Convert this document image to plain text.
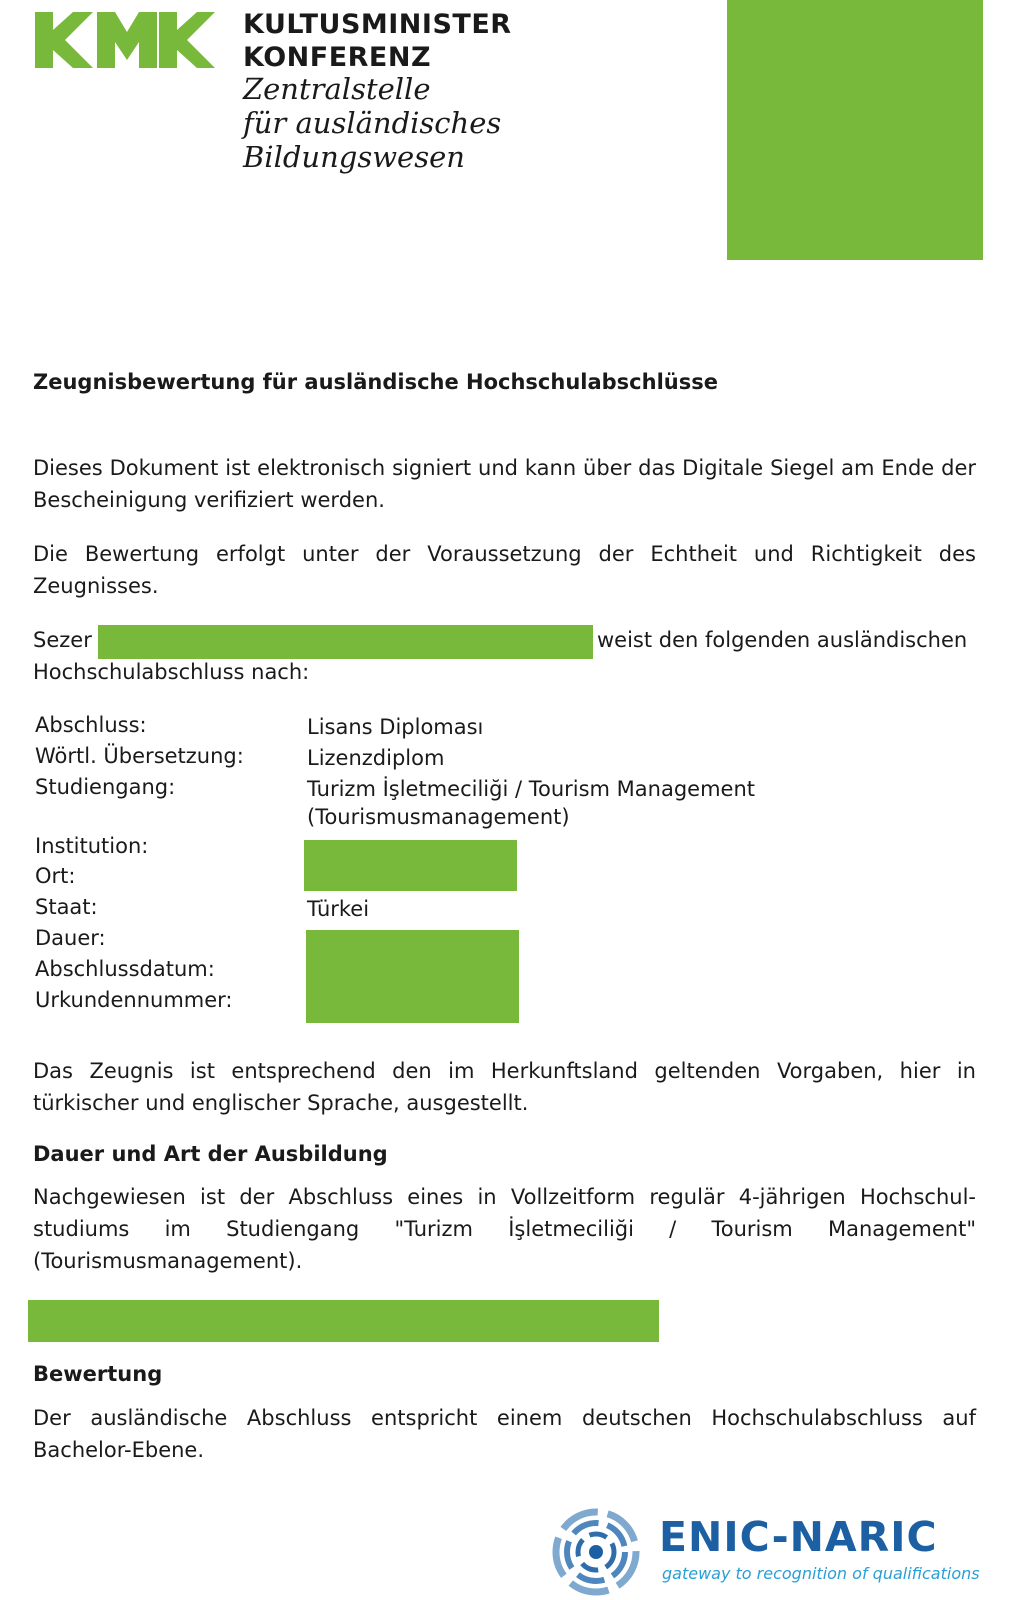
KULTUSMINISTER
KONFERENZ
Zentralstelle
für ausländisches
Bildungswesen
Zeugnisbewertung für ausländische Hochschulabschlüsse
Dieses Dokument ist elektronisch signiert und kann über das Digitale Siegel am Ende der Bescheinigung verifiziert werden.
Die Bewertung erfolgt unter der Voraussetzung der Echtheit und Richtigkeit des Zeugnisses.
Sezer	weist den folgenden ausländischen
Hochschulabschluss nach:
Abschluss:	Lisans Diploması
Wörtl. Übersetzung:	Lizenzdiplom
Studiengang:	Turizm İşletmeciliği / Tourism Management
(Tourismusmanagement)
Institution:
Ort:
Staat:	Türkei
Dauer:
Abschlussdatum:
Urkundennummer:
Das Zeugnis ist entsprechend den im Herkunftsland geltenden Vorgaben, hier in türkischer und englischer Sprache, ausgestellt.
Dauer und Art der Ausbildung
Nachgewiesen ist der Abschluss eines in Vollzeitform regulär 4-jährigen Hochschul-studiums im Studiengang "Turizm İşletmeciliği / Tourism Management" (Tourismusmanagement).
Bewertung
Der ausländische Abschluss entspricht einem deutschen Hochschulabschluss auf Bachelor-Ebene.
ENIC-NARIC
gateway to recognition of qualifications
